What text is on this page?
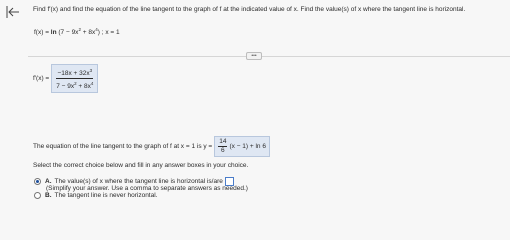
Find f′(x) and find the equation of the line tangent to the graph of f at the indicated value of x. Find the value(s) of x where the tangent line is horizontal.
$f(x) = \ln (7 - 9x^2 + 8x^4)$ ; x = 1
•••
$f'(x) = \frac{-18x + 32x^3}{7 - 9x^2 + 8x^4}$
The equation of the line tangent to the graph of f at x = 1 is $y = \frac{14}{6} (x - 1) + \ln 6$
Select the correct choice below and fill in any answer boxes in your choice.
A. The value(s) of x where the tangent line is horizontal is/are
(Simplify your answer. Use a comma to separate answers as needed.)
B. The tangent line is never horizontal.
